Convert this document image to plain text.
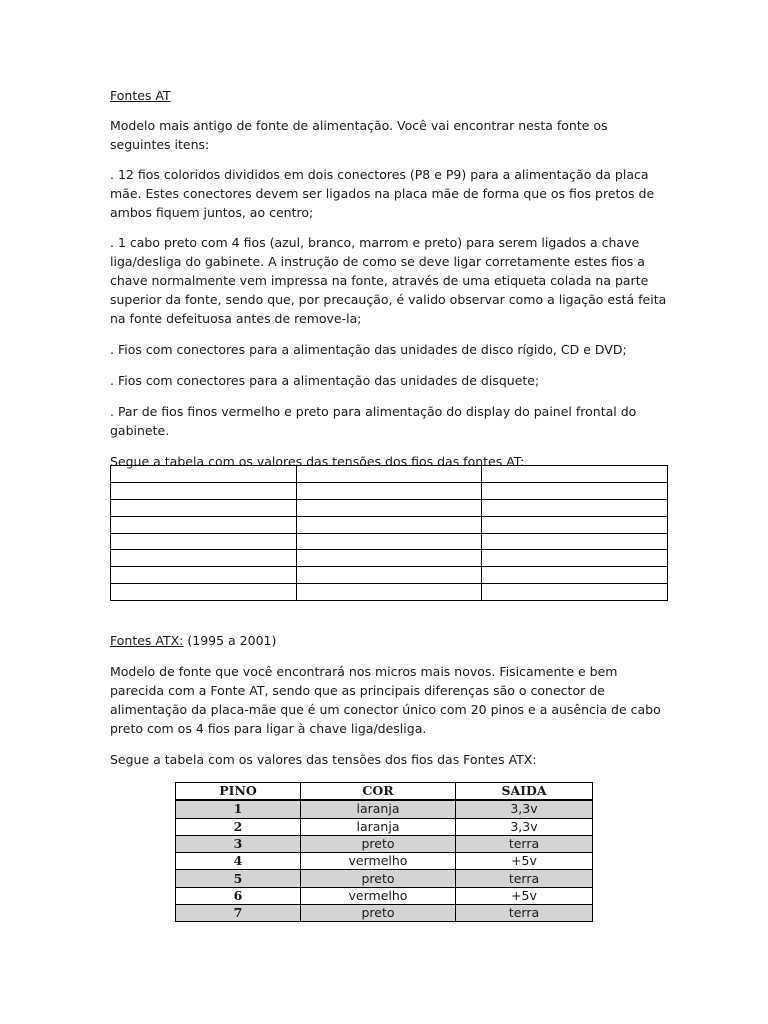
Fontes AT

Modelo mais antigo de fonte de alimentação. Você vai encontrar nesta fonte os seguintes itens:

. 12 fios coloridos divididos em dois conectores (P8 e P9) para a alimentação da placa mãe. Estes conectores devem ser ligados na placa mãe de forma que os fios pretos de ambos fiquem juntos, ao centro;

. 1 cabo preto com 4 fios (azul, branco, marrom e preto) para serem ligados a chave liga/desliga do gabinete. A instrução de como se deve ligar corretamente estes fios a chave normalmente vem impressa na fonte, através de uma etiqueta colada na parte superior da fonte, sendo que, por precaução, é valido observar como a ligação está feita na fonte defeituosa antes de remove-la;

. Fios com conectores para a alimentação das unidades de disco rígido, CD e DVD;

. Fios com conectores para a alimentação das unidades de disquete;

. Par de fios finos vermelho e preto para alimentação do display do painel frontal do gabinete.

Segue a tabela com os valores das tensões dos fios das fontes AT:

Fontes ATX: (1995 a 2001)

Modelo de fonte que você encontrará nos micros mais novos. Fisicamente e bem parecida com a Fonte AT, sendo que as principais diferenças são o conector de alimentação da placa-mãe que é um conector único com 20 pinos e a ausência de cabo preto com os 4 fios para ligar à chave liga/desliga.

Segue a tabela com os valores das tensões dos fios das Fontes ATX:

PINO	COR	SAIDA
1	laranja	3,3v
2	laranja	3,3v
3	preto	terra
4	vermelho	+5v
5	preto	terra
6	vermelho	+5v
7	preto	terra
